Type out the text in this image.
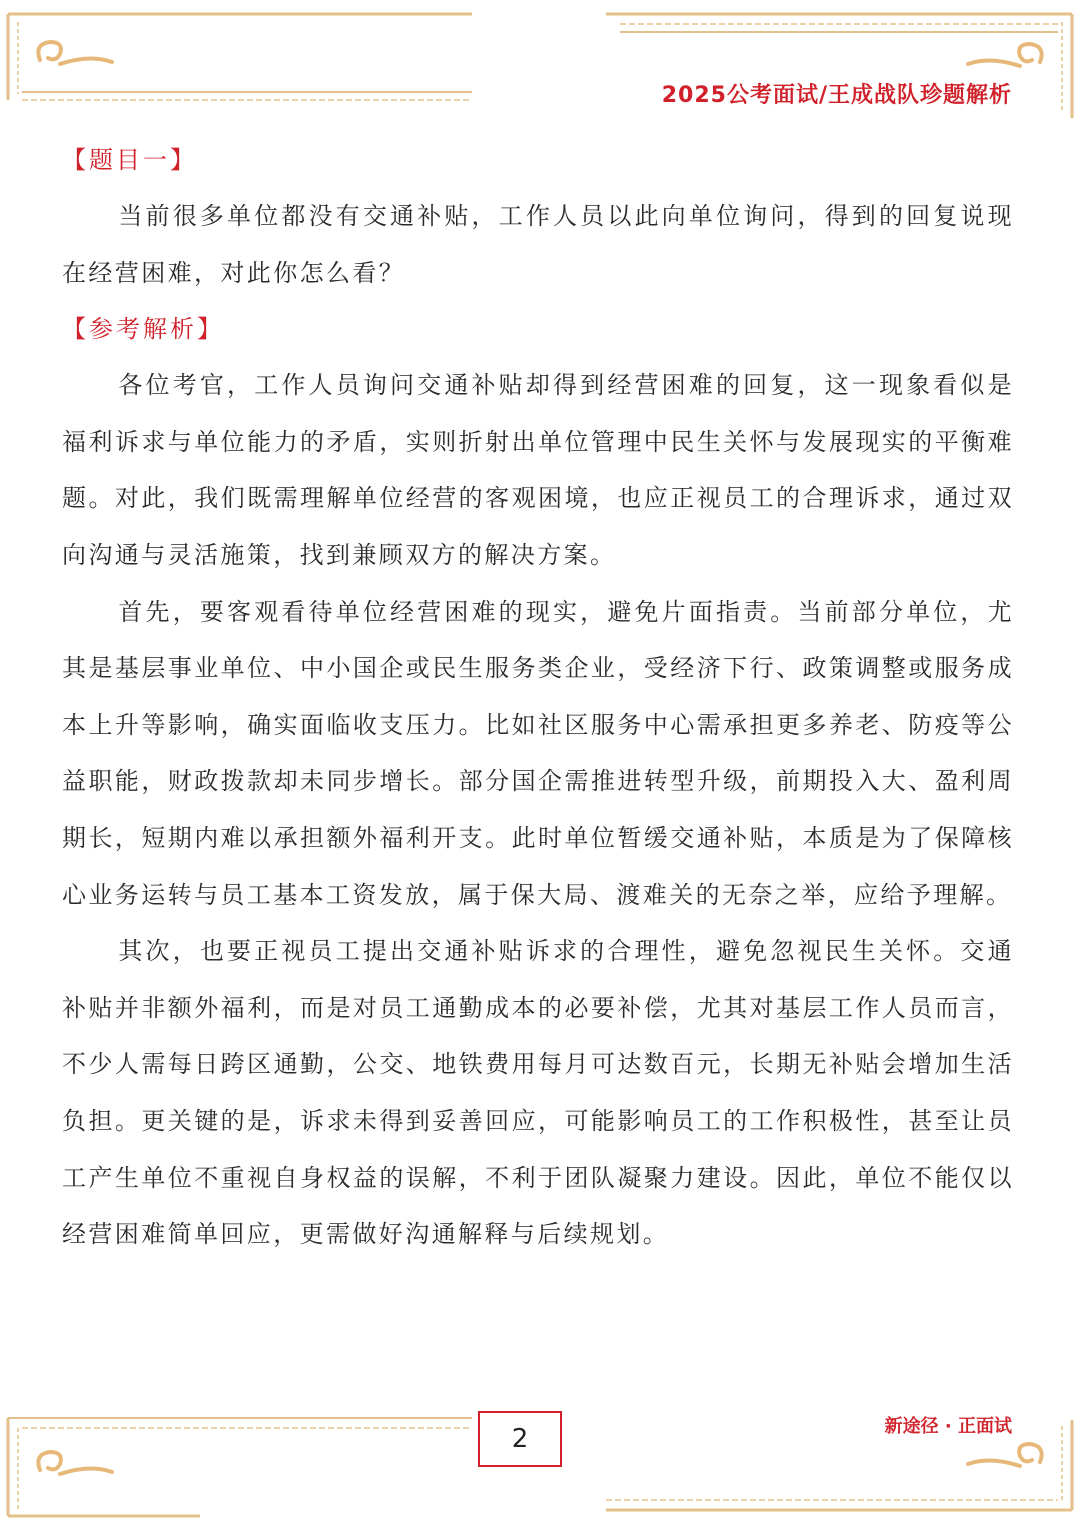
2025公考面试/王成战队珍题解析

【题目一】

当前很多单位都没有交通补贴，工作人员以此向单位询问，得到的回复说现在经营困难，对此你怎么看？

【参考解析】

各位考官，工作人员询问交通补贴却得到经营困难的回复，这一现象看似是福利诉求与单位能力的矛盾，实则折射出单位管理中民生关怀与发展现实的平衡难题。对此，我们既需理解单位经营的客观困境，也应正视员工的合理诉求，通过双向沟通与灵活施策，找到兼顾双方的解决方案。

首先，要客观看待单位经营困难的现实，避免片面指责。当前部分单位，尤其是基层事业单位、中小国企或民生服务类企业，受经济下行、政策调整或服务成本上升等影响，确实面临收支压力。比如社区服务中心需承担更多养老、防疫等公益职能，财政拨款却未同步增长。部分国企需推进转型升级，前期投入大、盈利周期长，短期内难以承担额外福利开支。此时单位暂缓交通补贴，本质是为了保障核心业务运转与员工基本工资发放，属于保大局、渡难关的无奈之举，应给予理解。

其次，也要正视员工提出交通补贴诉求的合理性，避免忽视民生关怀。交通补贴并非额外福利，而是对员工通勤成本的必要补偿，尤其对基层工作人员而言，不少人需每日跨区通勤，公交、地铁费用每月可达数百元，长期无补贴会增加生活负担。更关键的是，诉求未得到妥善回应，可能影响员工的工作积极性，甚至让员工产生单位不重视自身权益的误解，不利于团队凝聚力建设。因此，单位不能仅以经营困难简单回应，更需做好沟通解释与后续规划。

2	新途径 · 正面试
